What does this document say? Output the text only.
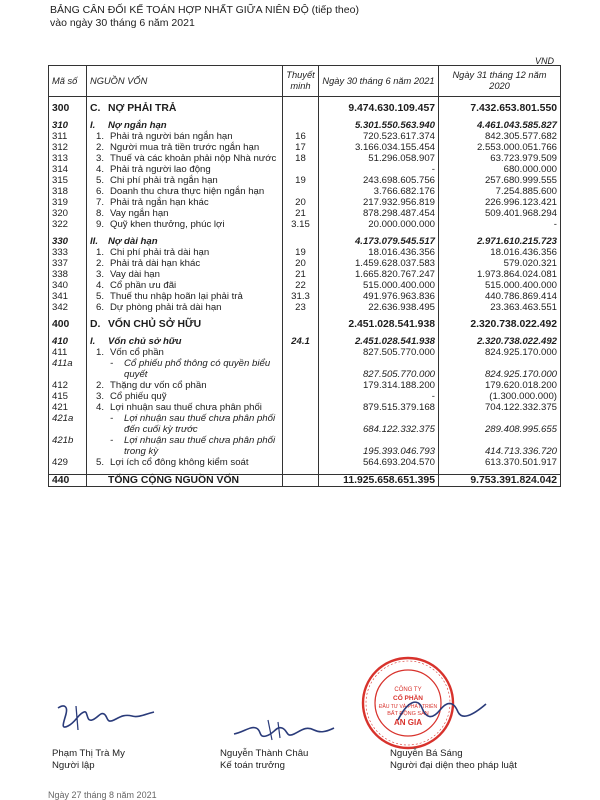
BẢNG CÂN ĐỐI KẾ TOÁN HỢP NHẤT GIỮA NIÊN ĐỘ (tiếp theo)
vào ngày 30 tháng 6 năm 2021
VND
Mã số	NGUỒN VỐN	Thuyết minh	Ngày 30 tháng 6 năm 2021	Ngày 31 tháng 12 năm 2020

300	C. NỢ PHẢI TRẢ		9.474.630.109.457	7.432.653.801.550

310	I. Nợ ngắn hạn		5.301.550.563.940	4.461.043.585.827
311	1. Phải trả người bán ngắn hạn	16	720.523.617.374	842.305.577.682
312	2. Người mua trả tiền trước ngắn hạn	17	3.166.034.155.454	2.553.000.051.766
313	3. Thuế và các khoản phải nộp Nhà nước	18	51.296.058.907	63.723.979.509
314	4. Phải trả người lao động		-	680.000.000
315	5. Chi phí phải trả ngắn hạn	19	243.698.605.756	257.680.999.555
318	6. Doanh thu chưa thực hiện ngắn hạn		3.766.682.176	7.254.885.600
319	7. Phải trả ngắn hạn khác	20	217.932.956.819	226.996.123.421
320	8. Vay ngắn hạn	21	878.298.487.454	509.401.968.294
322	9. Quỹ khen thưởng, phúc lợi	3.15	20.000.000.000	-

330	II. Nợ dài hạn		4.173.079.545.517	2.971.610.215.723
333	1. Chi phí phải trả dài hạn	19	18.016.436.356	18.016.436.356
337	2. Phải trả dài hạn khác	20	1.459.628.037.583	579.020.321
338	3. Vay dài hạn	21	1.665.820.767.247	1.973.864.024.081
340	4. Cổ phần ưu đãi	22	515.000.400.000	515.000.400.000
341	5. Thuế thu nhập hoãn lại phải trả	31.3	491.976.963.836	440.786.869.414
342	6. Dự phòng phải trả dài hạn	23	22.636.938.495	23.363.463.551

400	D. VỐN CHỦ SỞ HỮU		2.451.028.541.938	2.320.738.022.492

410	I. Vốn chủ sở hữu	24.1	2.451.028.541.938	2.320.738.022.492
411	1. Vốn cổ phần		827.505.770.000	824.925.170.000
411a	- Cổ phiếu phổ thông có quyền biểu quyết		827.505.770.000	824.925.170.000
412	2. Thặng dư vốn cổ phần		179.314.188.200	179.620.018.200
415	3. Cổ phiếu quỹ		-	(1.300.000.000)
421	4. Lợi nhuận sau thuế chưa phân phối		879.515.379.168	704.122.332.375
421a	- Lợi nhuận sau thuế chưa phân phối đến cuối kỳ trước		684.122.332.375	289.408.995.655
421b	- Lợi nhuận sau thuế chưa phân phối trong kỳ		195.393.046.793	414.713.336.720
429	5. Lợi ích cổ đông không kiểm soát		564.693.204.570	613.370.501.917

440	TỔNG CỘNG NGUỒN VỐN		11.925.658.651.395	9.753.391.824.042
CÔNG TY
CỔ PHẦN
ĐẦU TƯ VÀ PHÁT TRIỂN
BẤT ĐỘNG SẢN
AN GIA
Phạm Thị Trà My
Người lập
Nguyễn Thành Châu
Kế toán trưởng
Nguyễn Bá Sáng
Người đại diện theo pháp luật
Ngày 27 tháng 8 năm 2021
